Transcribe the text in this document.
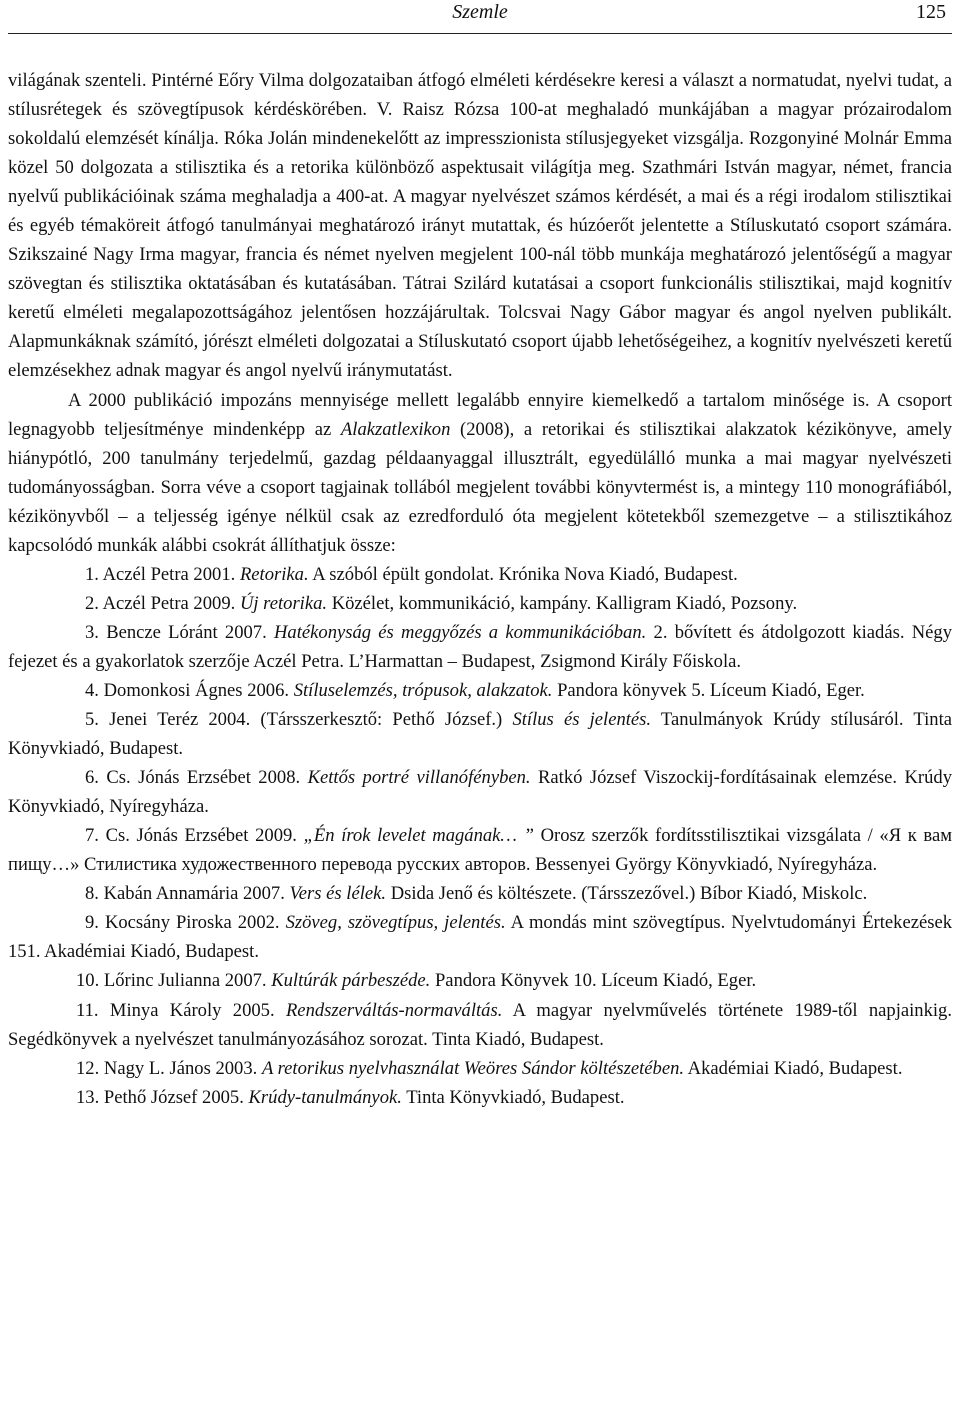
Szemle	125

világának szenteli. Pintérné Eőry Vilma dolgozataiban átfogó elméleti kérdésekre keresi a választ a normatudat, nyelvi tudat, a stílusrétegek és szövegtípusok kérdéskörében. V. Raisz Rózsa 100-at meghaladó munkájában a magyar prózairodalom sokoldalú elemzését kínálja. Róka Jolán mindenekelőtt az impresszionista stílusjegyeket vizsgálja. Rozgonyiné Molnár Emma közel 50 dolgozata a stilisztika és a retorika különböző aspektusait világítja meg. Szathmári István magyar, német, francia nyelvű publikációinak száma meghaladja a 400-at. A magyar nyelvészet számos kérdését, a mai és a régi irodalom stilisztikai és egyéb témaköreit átfogó tanulmányai meghatározó irányt mutattak, és húzóerőt jelentette a Stíluskutató csoport számára. Szikszainé Nagy Irma magyar, francia és német nyelven megjelent 100-nál több munkája meghatározó jelentőségű a magyar szövegtan és stilisztika oktatásában és kutatásában. Tátrai Szilárd kutatásai a csoport funkcionális stilisztikai, majd kognitív keretű elméleti megalapozottságához jelentősen hozzájárultak. Tolcsvai Nagy Gábor magyar és angol nyelven publikált. Alapmunkáknak számító, jórészt elméleti dolgozatai a Stíluskutató csoport újabb lehetőségeihez, a kognitív nyelvészeti keretű elemzésekhez adnak magyar és angol nyelvű iránymutatást.

A 2000 publikáció impozáns mennyisége mellett legalább ennyire kiemelkedő a tartalom minősége is. A csoport legnagyobb teljesítménye mindenképp az Alakzatlexikon (2008), a retorikai és stilisztikai alakzatok kézikönyve, amely hiánypótló, 200 tanulmány terjedelmű, gazdag példaanyaggal illusztrált, egyedülálló munka a mai magyar nyelvészeti tudományosságban. Sorra véve a csoport tagjainak tollából megjelent további könyvtermést is, a mintegy 110 monográfiából, kézikönyvből – a teljesség igénye nélkül csak az ezredforduló óta megjelent kötetekből szemezgetve – a stilisztikához kapcsolódó munkák alábbi csokrát állíthatjuk össze:

1. Aczél Petra 2001. Retorika. A szóból épült gondolat. Krónika Nova Kiadó, Budapest.
2. Aczél Petra 2009. Új retorika. Közélet, kommunikáció, kampány. Kalligram Kiadó, Pozsony.
3. Bencze Lóránt 2007. Hatékonyság és meggyőzés a kommunikációban. 2. bővített és átdolgozott kiadás. Négy fejezet és a gyakorlatok szerzője Aczél Petra. L’Harmattan – Budapest, Zsigmond Király Főiskola.
4. Domonkosi Ágnes 2006. Stíluselemzés, trópusok, alakzatok. Pandora könyvek 5. Líceum Kiadó, Eger.
5. Jenei Teréz 2004. (Társszerkesztő: Pethő József.) Stílus és jelentés. Tanulmányok Krúdy stílusáról. Tinta Könyvkiadó, Budapest.
6. Cs. Jónás Erzsébet 2008. Kettős portré villanófényben. Ratkó József Viszockij-fordításainak elemzése. Krúdy Könyvkiadó, Nyíregyháza.
7. Cs. Jónás Erzsébet 2009. „Én írok levelet magának… ” Orosz szerzők fordítsstilisztikai vizsgálata / «Я к вам пищу…» Стилистика художественного перевода русских авторов. Bessenyei György Könyvkiadó, Nyíregyháza.
8. Kabán Annamária 2007. Vers és lélek. Dsida Jenő és költészete. (Társszezővel.) Bíbor Kiadó, Miskolc.
9. Kocsány Piroska 2002. Szöveg, szövegtípus, jelentés. A mondás mint szövegtípus. Nyelvtudományi Értekezések 151. Akadémiai Kiadó, Budapest.
10. Lőrinc Julianna 2007. Kultúrák párbeszéde. Pandora Könyvek 10. Líceum Kiadó, Eger.
11. Minya Károly 2005. Rendszerváltás-normaváltás. A magyar nyelvművelés története 1989-től napjainkig. Segédkönyvek a nyelvészet tanulmányozásához sorozat. Tinta Kiadó, Budapest.
12. Nagy L. János 2003. A retorikus nyelvhasználat Weöres Sándor költészetében. Akadémiai Kiadó, Budapest.
13. Pethő József 2005. Krúdy-tanulmányok. Tinta Könyvkiadó, Budapest.
